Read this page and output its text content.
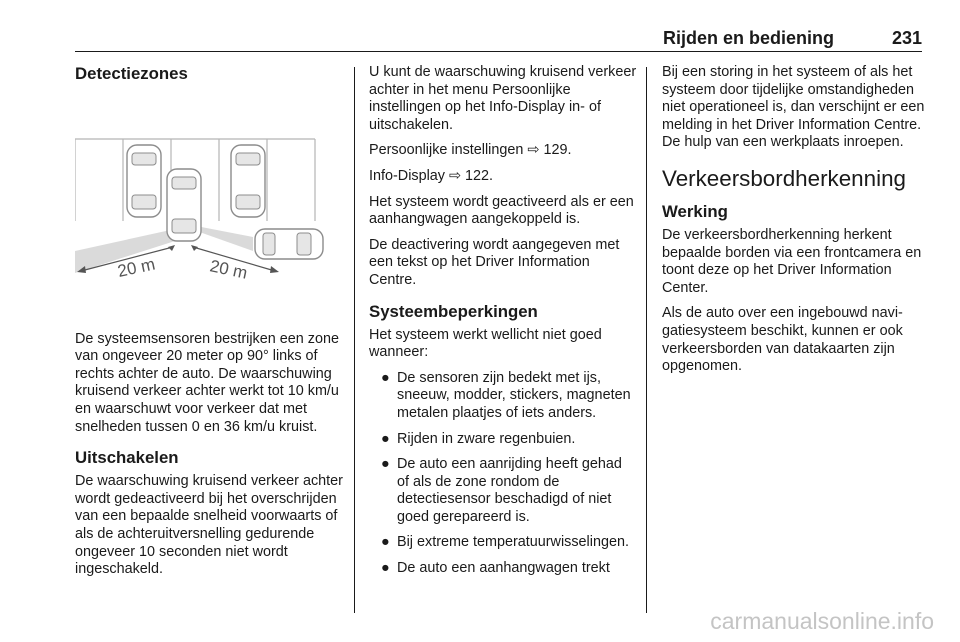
Rijden en bediening	231
Detectiezones
20 m	20 m

De systeemsensoren bestrijken een zone van ongeveer 20 meter op 90° links of rechts achter de auto. De waarschuwing kruisend verkeer achter werkt tot 10 km/u en waarschuwt voor verkeer dat met snelheden tussen 0 en 36 km/u kruist.

Uitschakelen

De waarschuwing kruisend verkeer achter wordt gedeactiveerd bij het overschrijden van een bepaalde snelheid voorwaarts of als de achteruitversnelling gedurende ongeveer 10 seconden niet wordt ingeschakeld.

U kunt de waarschuwing kruisend verkeer achter in het menu Persoonlijke instellingen op het Info-Display in- of uitschakelen.

Persoonlijke instellingen ⇨ 129.

Info-Display ⇨ 122.

Het systeem wordt geactiveerd als er een aanhangwagen aangekoppeld is.

De deactivering wordt aangegeven met een tekst op het Driver Information Centre.

Systeembeperkingen

Het systeem werkt wellicht niet goed wanneer:

● De sensoren zijn bedekt met ijs, sneeuw, modder, stickers, magneten metalen plaatjes of iets anders.
● Rijden in zware regenbuien.
● De auto een aanrijding heeft gehad of als de zone rondom de detectiesensor beschadigd of niet goed gerepareerd is.
● Bij extreme temperatuurwisselingen.
● De auto een aanhangwagen trekt

Bij een storing in het systeem of als het systeem door tijdelijke omstandigheden niet operationeel is, dan verschijnt er een melding in het Driver Information Centre. De hulp van een werkplaats inroepen.

Verkeersbordherkenning
Werking

De verkeersbordherkenning herkent bepaalde borden via een frontcamera en toont deze op het Driver Information Center.

Als de auto over een ingebouwd navigatiesysteem beschikt, kunnen er ook verkeersborden van datakaarten zijn opgenomen.

carmanualsonline.info
